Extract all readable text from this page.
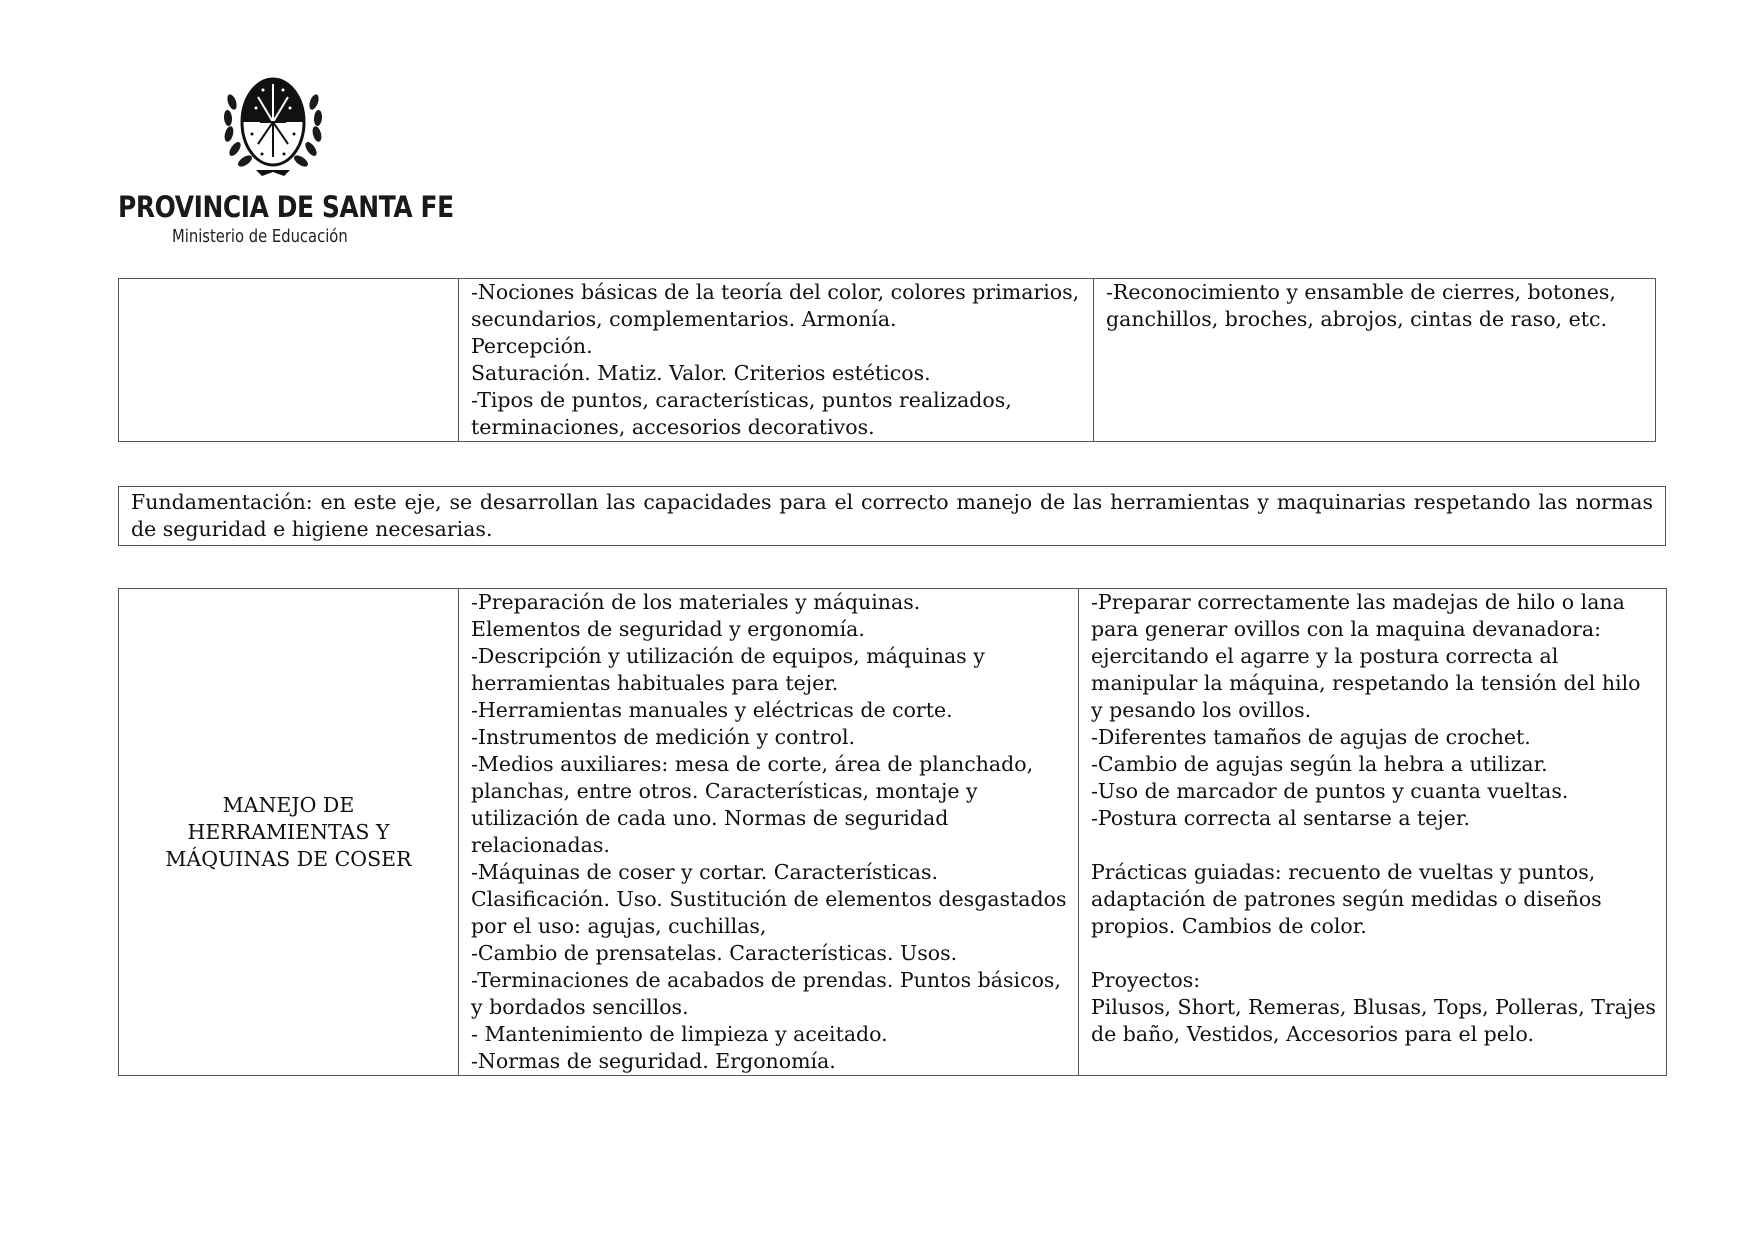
PROVINCIA DE SANTA FE
Ministerio de Educación
	-Nociones básicas de la teoría del color, colores primarios, secundarios, complementarios. Armonía.
Percepción.
Saturación. Matiz. Valor. Criterios estéticos.
-Tipos de puntos, características, puntos realizados, terminaciones, accesorios decorativos.	-Reconocimiento y ensamble de cierres, botones, ganchillos, broches, abrojos, cintas de raso, etc.
Fundamentación: en este eje, se desarrollan las capacidades para el correcto manejo de las herramientas y maquinarias respetando las normas de seguridad e higiene necesarias.
MANEJO DE
HERRAMIENTAS Y
MÁQUINAS DE COSER	-Preparación de los materiales y máquinas.
Elementos de seguridad y ergonomía.
-Descripción y utilización de equipos, máquinas y herramientas habituales para tejer.
-Herramientas manuales y eléctricas de corte.
-Instrumentos de medición y control.
-Medios auxiliares: mesa de corte, área de planchado, planchas, entre otros. Características, montaje y utilización de cada uno. Normas de seguridad relacionadas.
-Máquinas de coser y cortar. Características.
Clasificación. Uso. Sustitución de elementos desgastados por el uso: agujas, cuchillas,
-Cambio de prensatelas. Características. Usos.
-Terminaciones de acabados de prendas. Puntos básicos, y bordados sencillos.
- Mantenimiento de limpieza y aceitado.
-Normas de seguridad. Ergonomía.	-Preparar correctamente las madejas de hilo o lana para generar ovillos con la maquina devanadora: ejercitando el agarre y la postura correcta al manipular la máquina, respetando la tensión del hilo y pesando los ovillos.
-Diferentes tamaños de agujas de crochet.
-Cambio de agujas según la hebra a utilizar.
-Uso de marcador de puntos y cuanta vueltas.
-Postura correcta al sentarse a tejer.

Prácticas guiadas: recuento de vueltas y puntos, adaptación de patrones según medidas o diseños propios. Cambios de color.

Proyectos:
Pilusos, Short, Remeras, Blusas, Tops, Polleras, Trajes de baño, Vestidos, Accesorios para el pelo.
